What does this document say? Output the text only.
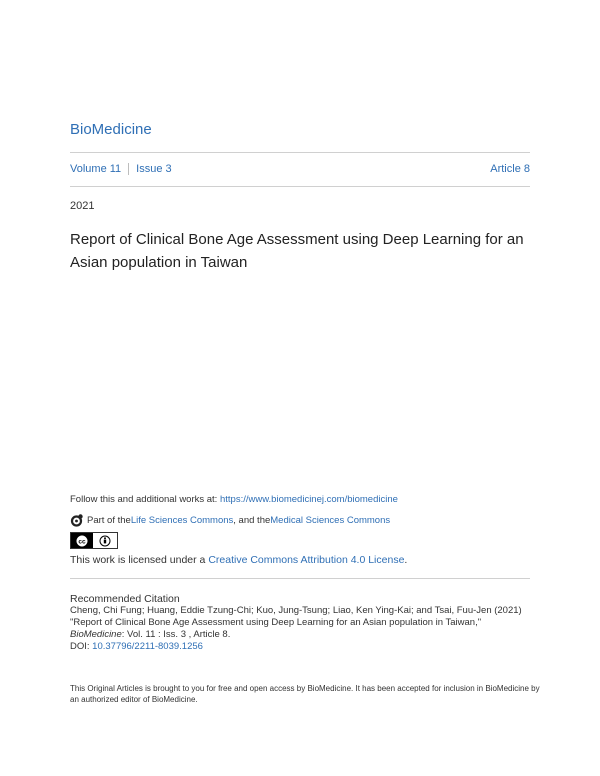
BioMedicine
Volume 11 Issue 3	Article 8
2021
Report of Clinical Bone Age Assessment using Deep Learning for an Asian population in Taiwan
Follow this and additional works at: https://www.biomedicinej.com/biomedicine
Part of the Life Sciences Commons , and the Medical Sciences Commons
cc
This work is licensed under a Creative Commons Attribution 4.0 License.
Recommended Citation
Cheng, Chi Fung; Huang, Eddie Tzung-Chi; Kuo, Jung-Tsung; Liao, Ken Ying-Kai; and Tsai, Fuu-Jen (2021)
"Report of Clinical Bone Age Assessment using Deep Learning for an Asian population in Taiwan,"
BioMedicine: Vol. 11 : Iss. 3 , Article 8.
DOI: 10.37796/2211-8039.1256
This Original Articles is brought to you for free and open access by BioMedicine. It has been accepted for inclusion in BioMedicine by an authorized editor of BioMedicine.
